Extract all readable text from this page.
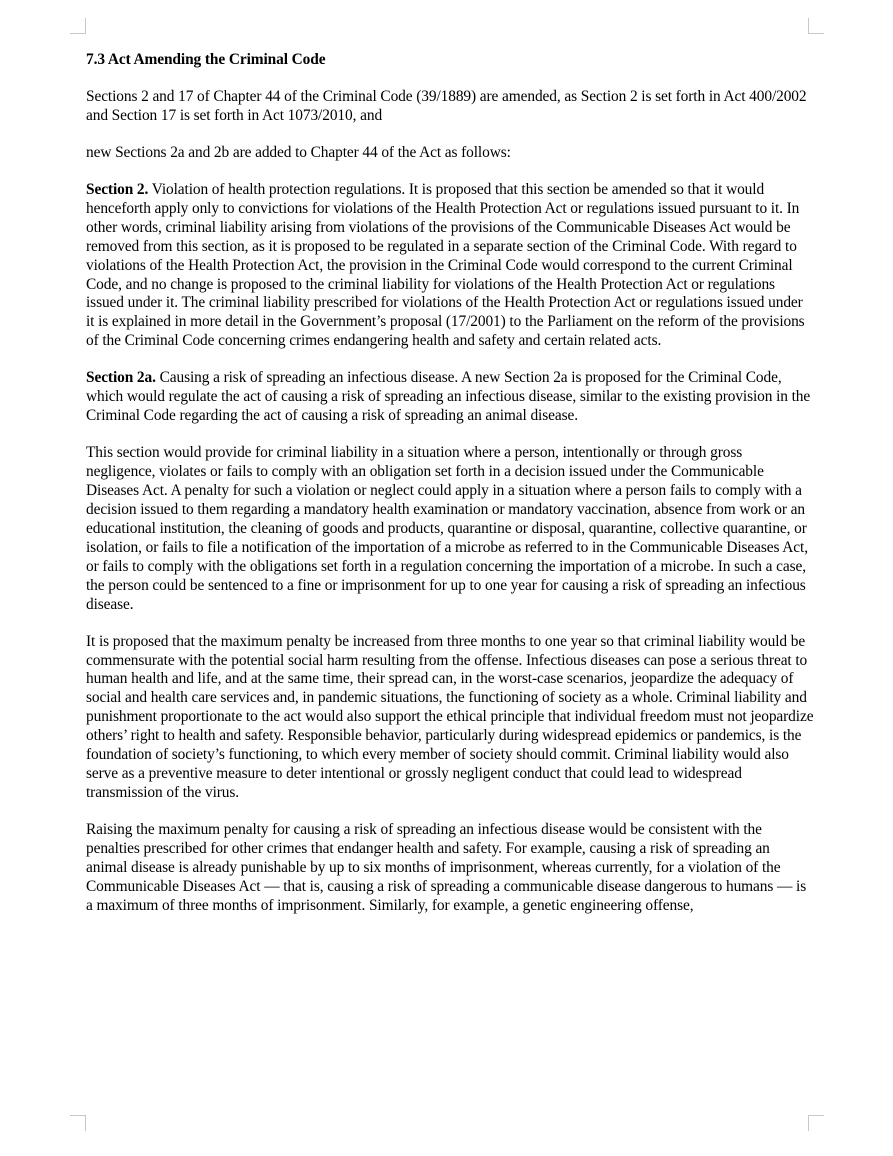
7.3 Act Amending the Criminal Code

Sections 2 and 17 of Chapter 44 of the Criminal Code (39/1889) are amended, as Section 2 is set forth in Act 400/2002 and Section 17 is set forth in Act 1073/2010, and

new Sections 2a and 2b are added to Chapter 44 of the Act as follows:

Section 2. Violation of health protection regulations. It is proposed that this section be amended so that it would henceforth apply only to convictions for violations of the Health Protection Act or regulations issued pursuant to it. In other words, criminal liability arising from violations of the provisions of the Communicable Diseases Act would be removed from this section, as it is proposed to be regulated in a separate section of the Criminal Code. With regard to violations of the Health Protection Act, the provision in the Criminal Code would correspond to the current Criminal Code, and no change is proposed to the criminal liability for violations of the Health Protection Act or regulations issued under it. The criminal liability prescribed for violations of the Health Protection Act or regulations issued under it is explained in more detail in the Government’s proposal (17/2001) to the Parliament on the reform of the provisions of the Criminal Code concerning crimes endangering health and safety and certain related acts.

Section 2a. Causing a risk of spreading an infectious disease. A new Section 2a is proposed for the Criminal Code, which would regulate the act of causing a risk of spreading an infectious disease, similar to the existing provision in the Criminal Code regarding the act of causing a risk of spreading an animal disease.

This section would provide for criminal liability in a situation where a person, intentionally or through gross negligence, violates or fails to comply with an obligation set forth in a decision issued under the Communicable Diseases Act. A penalty for such a violation or neglect could apply in a situation where a person fails to comply with a decision issued to them regarding a mandatory health examination or mandatory vaccination, absence from work or an educational institution, the cleaning of goods and products, quarantine or disposal, quarantine, collective quarantine, or isolation, or fails to file a notification of the importation of a microbe as referred to in the Communicable Diseases Act, or fails to comply with the obligations set forth in a regulation concerning the importation of a microbe. In such a case, the person could be sentenced to a fine or imprisonment for up to one year for causing a risk of spreading an infectious disease.

It is proposed that the maximum penalty be increased from three months to one year so that criminal liability would be commensurate with the potential social harm resulting from the offense. Infectious diseases can pose a serious threat to human health and life, and at the same time, their spread can, in the worst-case scenarios, jeopardize the adequacy of social and health care services and, in pandemic situations, the functioning of society as a whole. Criminal liability and punishment proportionate to the act would also support the ethical principle that individual freedom must not jeopardize others’ right to health and safety. Responsible behavior, particularly during widespread epidemics or pandemics, is the foundation of society’s functioning, to which every member of society should commit. Criminal liability would also serve as a preventive measure to deter intentional or grossly negligent conduct that could lead to widespread transmission of the virus.

Raising the maximum penalty for causing a risk of spreading an infectious disease would be consistent with the penalties prescribed for other crimes that endanger health and safety. For example, causing a risk of spreading an animal disease is already punishable by up to six months of imprisonment, whereas currently, for a violation of the Communicable Diseases Act — that is, causing a risk of spreading a communicable disease dangerous to humans — is a maximum of three months of imprisonment. Similarly, for example, a genetic engineering offense,
